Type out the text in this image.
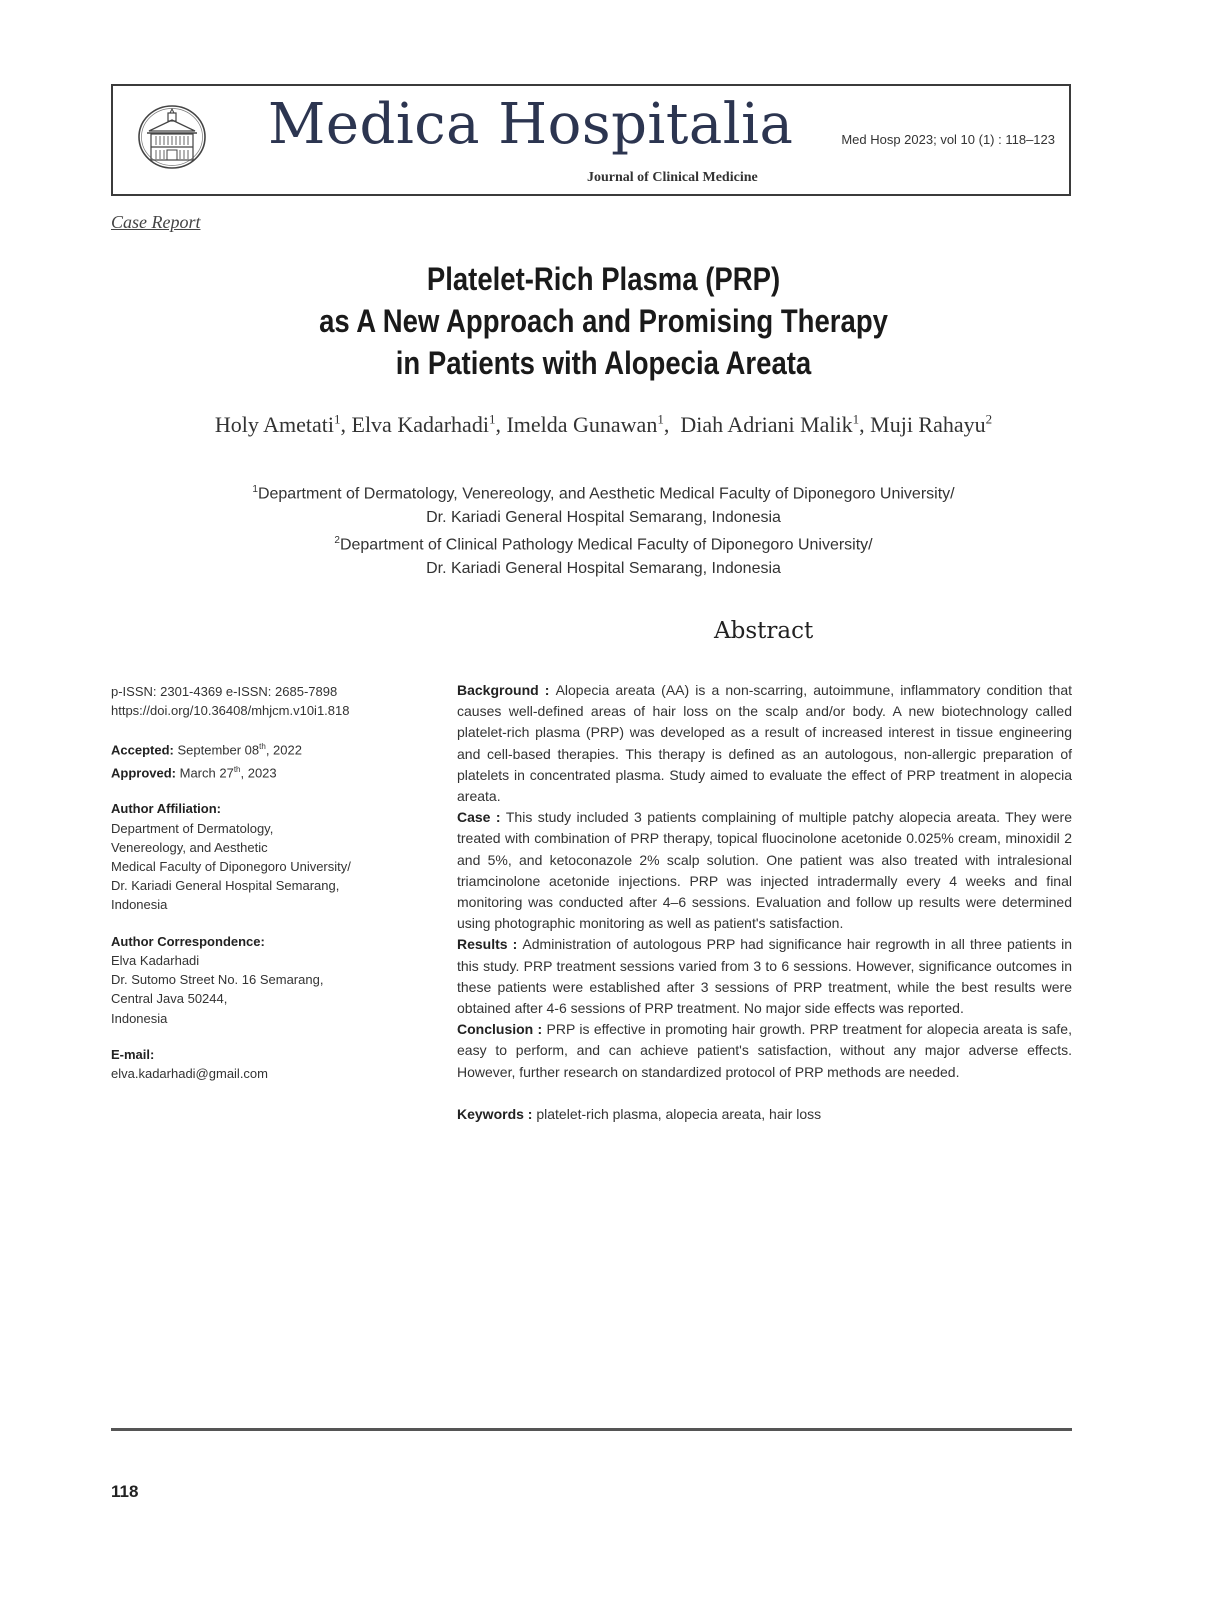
Medica Hospitalia
Journal of Clinical Medicine
Med Hosp 2023; vol 10 (1) : 118–123
Case Report
Platelet-Rich Plasma (PRP)
as A New Approach and Promising Therapy
in Patients with Alopecia Areata
Holy Ametati$^1$, Elva Kadarhadi$^1$, Imelda Gunawan$^1$,  Diah Adriani Malik$^1$, Muji Rahayu$^2$
$^1$Department of Dermatology, Venereology, and Aesthetic Medical Faculty of Diponegoro University/
Dr. Kariadi General Hospital Semarang, Indonesia
$^2$Department of Clinical Pathology Medical Faculty of Diponegoro University/
Dr. Kariadi General Hospital Semarang, Indonesia
Abstract
p-ISSN: 2301-4369 e-ISSN: 2685-7898
https://doi.org/10.36408/mhjcm.v10i1.818
Accepted: September 08th, 2022
Approved: March 27th, 2023
Author Affiliation:
Department of Dermatology,
Venereology, and Aesthetic
Medical Faculty of Diponegoro University/
Dr. Kariadi General Hospital Semarang,
Indonesia
Author Correspondence:
Elva Kadarhadi
Dr. Sutomo Street No. 16 Semarang,
Central Java 50244,
Indonesia
E-mail:
elva.kadarhadi@gmail.com

Background : Alopecia areata (AA) is a non-scarring, autoimmune, inflammatory condition that causes well-defined areas of hair loss on the scalp and/or body. A new biotechnology called platelet-rich plasma (PRP) was developed as a result of increased interest in tissue engineering and cell-based therapies. This therapy is defined as an autologous, non-allergic preparation of platelets in concentrated plasma. Study aimed to evaluate the effect of PRP treatment in alopecia areata.

Case : This study included 3 patients complaining of multiple patchy alopecia areata. They were treated with combination of PRP therapy, topical fluocinolone acetonide 0.025% cream, minoxidil 2 and 5%, and ketoconazole 2% scalp solution. One patient was also treated with intralesional triamcinolone acetonide injections. PRP was injected intradermally every 4 weeks and final monitoring was conducted after 4–6 sessions. Evaluation and follow up results were determined using photographic monitoring as well as patient's satisfaction.

Results : Administration of autologous PRP had significance hair regrowth in all three patients in this study. PRP treatment sessions varied from 3 to 6 sessions. However, significance outcomes in these patients were established after 3 sessions of PRP treatment, while the best results were obtained after 4-6 sessions of PRP treatment. No major side effects was reported.

Conclusion : PRP is effective in promoting hair growth. PRP treatment for alopecia areata is safe, easy to perform, and can achieve patient's satisfaction, without any major adverse effects. However, further research on standardized protocol of PRP methods are needed.

Keywords : platelet-rich plasma, alopecia areata, hair loss

118
